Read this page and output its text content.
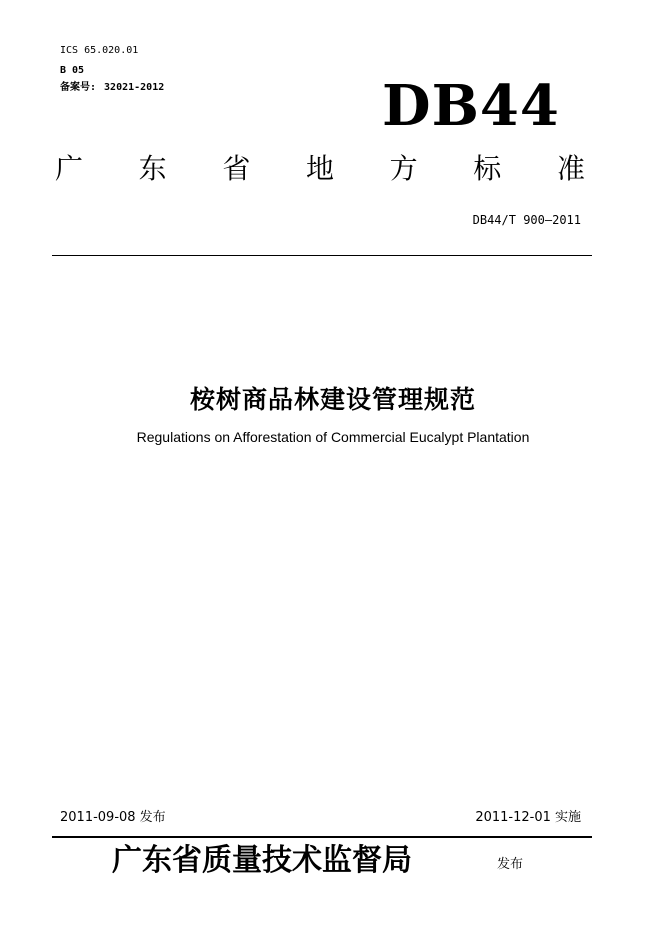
ICS 65.020.01
B 05
备案号: 32021-2012	DB44
广 东 省 地 方 标 准
DB44/T 900—2011
桉树商品林建设管理规范
Regulations on Afforestation of Commercial Eucalypt Plantation
2011-09-08 发布	2011-12-01 实施
广东省质量技术监督局	发布
